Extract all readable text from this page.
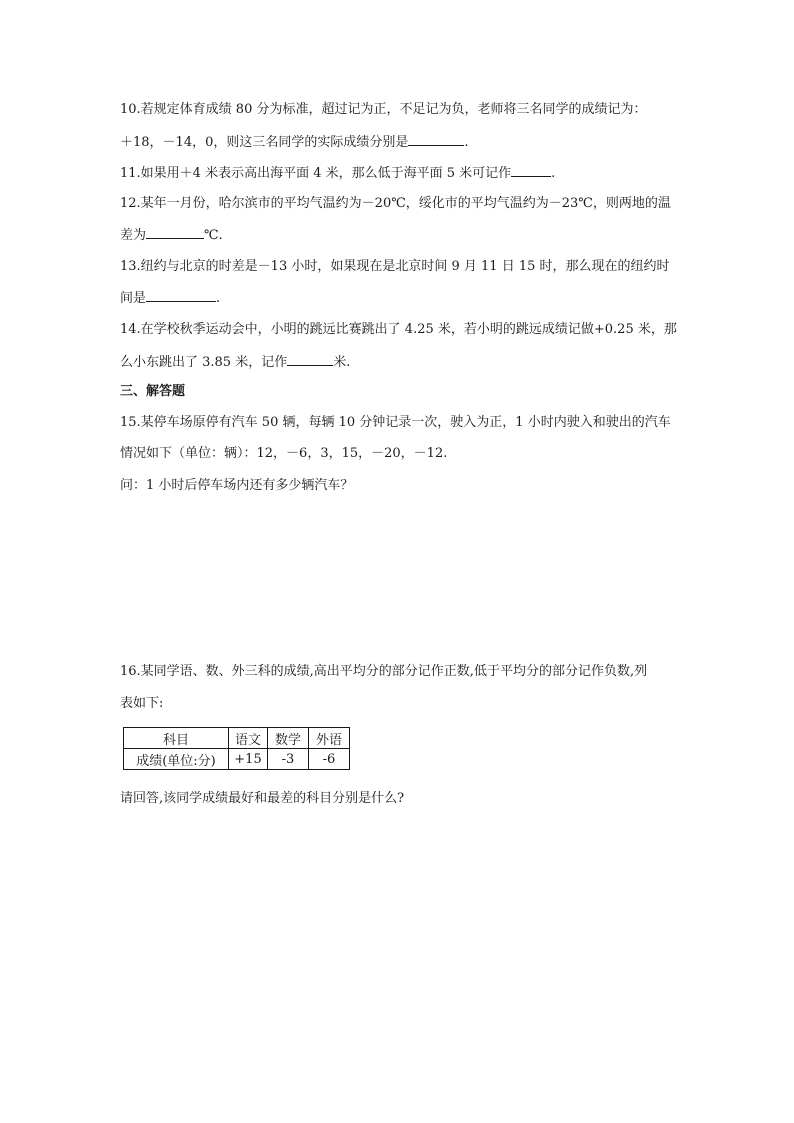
10.若规定体育成绩 80 分为标准，超过记为正，不足记为负，老师将三名同学的成绩记为：
＋18，－14，0，则这三名同学的实际成绩分别是	.
11.如果用＋4 米表示高出海平面 4 米，那么低于海平面 5 米可记作	.
12.某年一月份，哈尔滨市的平均气温约为－20℃，绥化市的平均气温约为－23℃，则两地的温
差为	℃.
13.纽约与北京的时差是－13 小时，如果现在是北京时间 9 月 11 日 15 时，那么现在的纽约时
间是	.
14.在学校秋季运动会中，小明的跳远比赛跳出了 4.25 米，若小明的跳远成绩记做+0.25 米，那
么小东跳出了 3.85 米，记作	米.
三、解答题
15.某停车场原停有汽车 50 辆，每辆 10 分钟记录一次，驶入为正，1 小时内驶入和驶出的汽车
情况如下（单位：辆）：12，－6，3，15，－20，－12.
问：1 小时后停车场内还有多少辆汽车？
16.某同学语、数、外三科的成绩,高出平均分的部分记作正数,低于平均分的部分记作负数,列
表如下:
科目	语文	数学	外语
成绩(单位:分)	+15	-3	-6
请回答,该同学成绩最好和最差的科目分别是什么?
